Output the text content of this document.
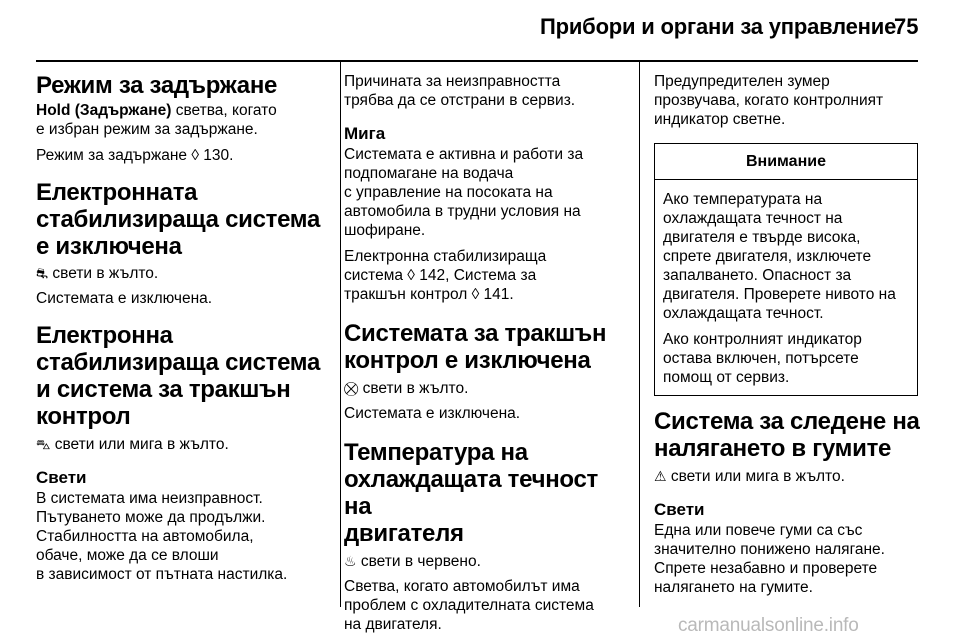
Прибори и органи за управление
75
Режим за задържане
Hold (Задържане) светва, когато
е избран режим за задържане.
Режим за задържане ◊ 130.
Електронната
стабилизираща система
е изключена
⛐ свети в жълто.
Системата е изключена.
Електронна
стабилизираща система
и система за тракшън
контрол
⛍ свети или мига в жълто.
Свети
В системата има неизправност.
Пътуването може да продължи.
Стабилността на автомобила,
обаче, може да се влоши
в зависимост от пътната настилка.
Причината за неизправността
трябва да се отстрани в сервиз.
Мига
Системата е активна и работи за
подпомагане на водача
с управление на посоката на
автомобила в трудни условия на
шофиране.
Електронна стабилизираща
система ◊ 142, Система за
тракшън контрол ◊ 141.
Системата за тракшън
контрол е изключена
⛒ свети в жълто.
Системата е изключена.
Температура на
охлаждащата течност на
двигателя
♨ свети в червено.
Светва, когато автомобилът има
проблем с охладителната система
на двигателя.
Предупредителен зумер
прозвучава, когато контролният
индикатор светне.
Внимание
Ако температурата на
охлаждащата течност на
двигателя е твърде висока,
спрете двигателя, изключете
запалването. Опасност за
двигателя. Проверете нивото на
охлаждащата течност.
Ако контролният индикатор
остава включен, потърсете
помощ от сервиз.
Система за следене на
налягането в гумите
⚠ свети или мига в жълто.
Свети
Една или повече гуми са със
значително понижено налягане.
Спрете незабавно и проверете
налягането на гумите.
carmanualsonline.info
